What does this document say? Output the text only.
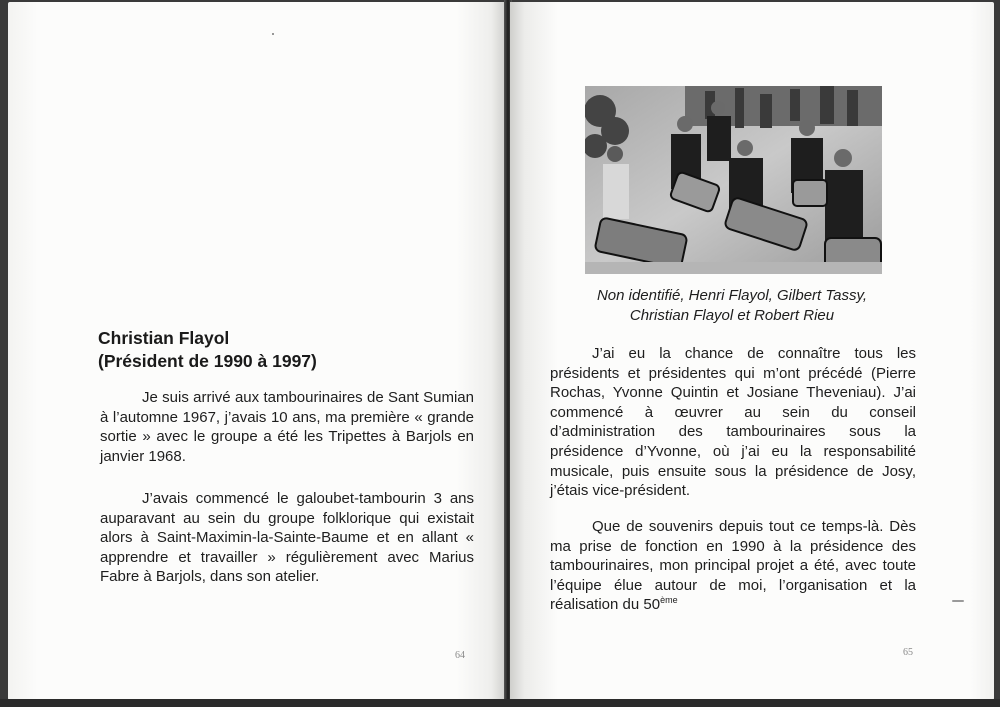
Christian Flayol
(Président de 1990 à 1997)
Je suis arrivé aux tambourinaires de Sant Sumian à l’automne 1967, j’avais 10 ans, ma première « grande sortie » avec le groupe a été les Tripettes à Barjols en janvier 1968.
J’avais commencé le galoubet-tambourin 3 ans auparavant au sein du groupe folklorique qui existait alors à Saint-Maximin-la-Sainte-Baume et en allant « apprendre et travailler » régulièrement avec Marius Fabre à Barjols, dans son atelier.
64
Non identifié, Henri Flayol, Gilbert Tassy,
Christian Flayol et Robert Rieu
J’ai eu la chance de connaître tous les présidents et présidentes qui m’ont précédé (Pierre Rochas, Yvonne Quintin et Josiane Theveniau). J’ai commencé à œuvrer au sein du conseil d’administration des tambourinaires sous la présidence d’Yvonne, où j’ai eu la responsabilité musicale, puis ensuite sous la présidence de Josy, j’étais vice-président.
Que de souvenirs depuis tout ce temps-là. Dès ma prise de fonction en 1990 à la présidence des tambourinaires, mon principal projet a été, avec toute l’équipe élue autour de moi, l’organisation et la réalisation du 50ème
65
